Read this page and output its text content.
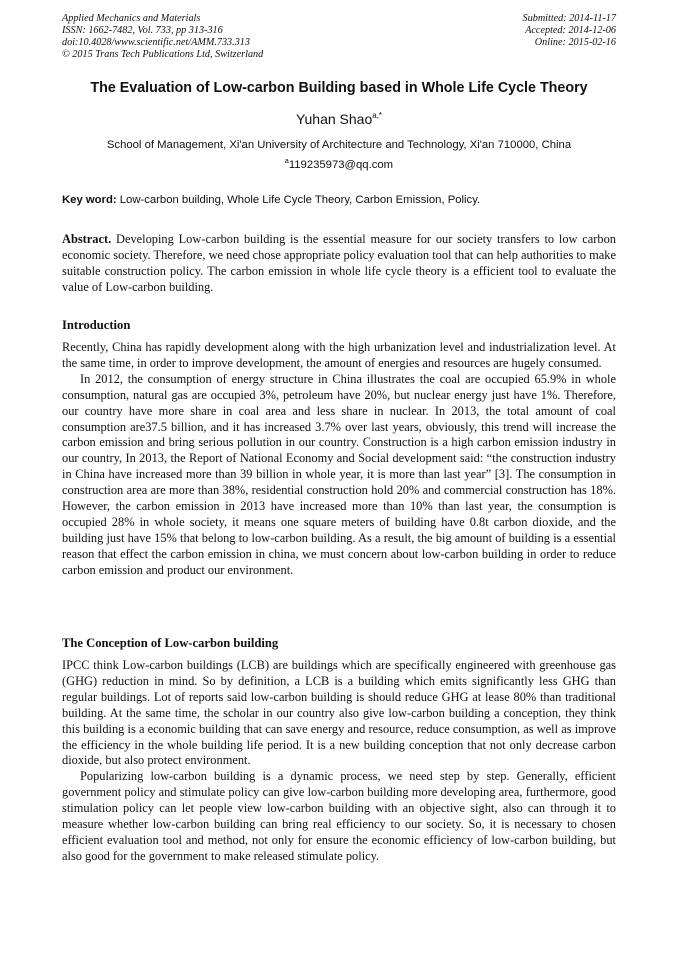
Applied Mechanics and Materials
ISSN: 1662-7482, Vol. 733, pp 313-316
doi:10.4028/www.scientific.net/AMM.733.313
© 2015 Trans Tech Publications Ltd, Switzerland
Submitted: 2014-11-17
Accepted: 2014-12-06
Online: 2015-02-16
The Evaluation of Low-carbon Building based in Whole Life Cycle Theory
Yuhan Shao$^{a,*}$
School of Management, Xi'an University of Architecture and Technology, Xi'an 710000, China
$^a$119235973@qq.com
Key word: Low-carbon building, Whole Life Cycle Theory, Carbon Emission, Policy.
Abstract. Developing Low-carbon building is the essential measure for our society transfers to low carbon economic society. Therefore, we need chose appropriate policy evaluation tool that can help authorities to make suitable construction policy. The carbon emission in whole life cycle theory is a efficient tool to evaluate the value of Low-carbon building.
Introduction

Recently, China has rapidly development along with the high urbanization level and industrialization level. At the same time, in order to improve development, the amount of energies and resources are hugely consumed.

In 2012, the consumption of energy structure in China illustrates the coal are occupied 65.9% in whole consumption, natural gas are occupied 3%, petroleum have 20%, but nuclear energy just have 1%. Therefore, our country have more share in coal area and less share in nuclear. In 2013, the total amount of coal consumption are37.5 billion, and it has increased 3.7% over last years, obviously, this trend will increase the carbon emission and bring serious pollution in our country. Construction is a high carbon emission industry in our country, In 2013, the Report of National Economy and Social development said: “the construction industry in China have increased more than 39 billion in whole year, it is more than last year” [3]. The consumption in construction area are more than 38%, residential construction hold 20% and commercial construction has 18%. However, the carbon emission in 2013 have increased more than 10% than last year, the consumption is occupied 28% in whole society, it means one square meters of building have 0.8t carbon dioxide, and the building just have 15% that belong to low-carbon building. As a result, the big amount of building is a essential reason that effect the carbon emission in china, we must concern about low-carbon building in order to reduce carbon emission and product our environment.

The Conception of Low-carbon building

IPCC think Low-carbon buildings (LCB) are buildings which are specifically engineered with greenhouse gas (GHG) reduction in mind. So by definition, a LCB is a building which emits significantly less GHG than regular buildings. Lot of reports said low-carbon building is should reduce GHG at lease 80% than traditional building. At the same time, the scholar in our country also give low-carbon building a conception, they think this building is a economic building that can save energy and resource, reduce consumption, as well as improve the efficiency in the whole building life period. It is a new building conception that not only decrease carbon dioxide, but also protect environment.

Popularizing low-carbon building is a dynamic process, we need step by step. Generally, efficient government policy and stimulate policy can give low-carbon building more developing area, furthermore, good stimulation policy can let people view low-carbon building with an objective sight, also can through it to measure whether low-carbon building can bring real efficiency to our society. So, it is necessary to chosen efficient evaluation tool and method, not only for ensure the economic efficiency of low-carbon building, but also good for the government to make released stimulate policy.
